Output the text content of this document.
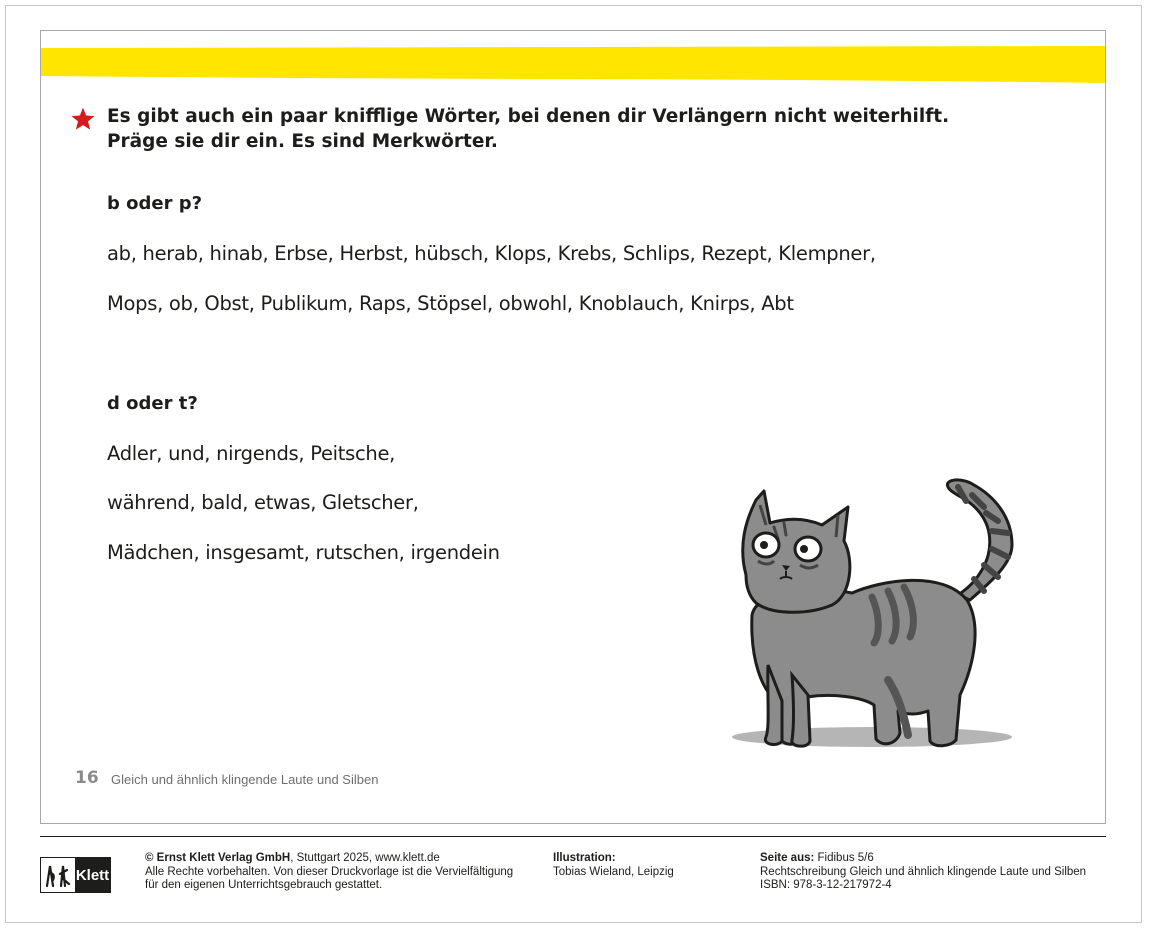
Es gibt auch ein paar knifflige Wörter, bei denen dir Verlängern nicht weiterhilft.
Präge sie dir ein. Es sind Merkwörter.
b oder p?
ab, herab, hinab, Erbse, Herbst, hübsch, Klops, Krebs, Schlips, Rezept, Klempner,
Mops, ob, Obst, Publikum, Raps, Stöpsel, obwohl, Knoblauch, Knirps, Abt
d oder t?
Adler, und, nirgends, Peitsche,
während, bald, etwas, Gletscher,
Mädchen, insgesamt, rutschen, irgendein
16 Gleich und ähnlich klingende Laute und Silben
Klett
© Ernst Klett Verlag GmbH, Stuttgart 2025, www.klett.de
Alle Rechte vorbehalten. Von dieser Druckvorlage ist die Vervielfältigung
für den eigenen Unterrichtsgebrauch gestattet.
Illustration:
Tobias Wieland, Leipzig
Seite aus: Fidibus 5/6
Rechtschreibung Gleich und ähnlich klingende Laute und Silben
ISBN: 978-3-12-217972-4
